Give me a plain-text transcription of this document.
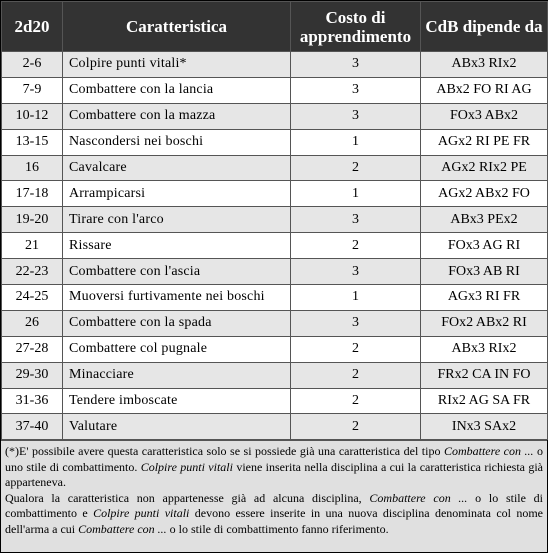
2d20	Caratteristica	Costo di apprendimento	CdB dipende da
2-6	Colpire punti vitali*	3	ABx3 RIx2
7-9	Combattere con la lancia	3	ABx2 FO RI AG
10-12	Combattere con la mazza	3	FOx3 ABx2
13-15	Nascondersi nei boschi	1	AGx2 RI PE FR
16	Cavalcare	2	AGx2 RIx2 PE
17-18	Arrampicarsi	1	AGx2 ABx2 FO
19-20	Tirare con l'arco	3	ABx3 PEx2
21	Rissare	2	FOx3 AG RI
22-23	Combattere con l'ascia	3	FOx3 AB RI
24-25	Muoversi furtivamente nei boschi	1	AGx3 RI FR
26	Combattere con la spada	3	FOx2 ABx2 RI
27-28	Combattere col pugnale	2	ABx3 RIx2
29-30	Minacciare	2	FRx2 CA IN FO
31-36	Tendere imboscate	2	RIx2 AG SA FR
37-40	Valutare	2	INx3 SAx2

(*)E' possibile avere questa caratteristica solo se si possiede già una caratteristica del tipo Combattere con ... o uno stile di combattimento. Colpire punti vitali viene inserita nella disciplina a cui la caratteristica richiesta già apparteneva.

Qualora la caratteristica non appartenesse già ad alcuna disciplina, Combattere con ... o lo stile di combattimento e Colpire punti vitali devono essere inserite in una nuova disciplina denominata col nome dell'arma a cui Combattere con ... o lo stile di combattimento fanno riferimento.
